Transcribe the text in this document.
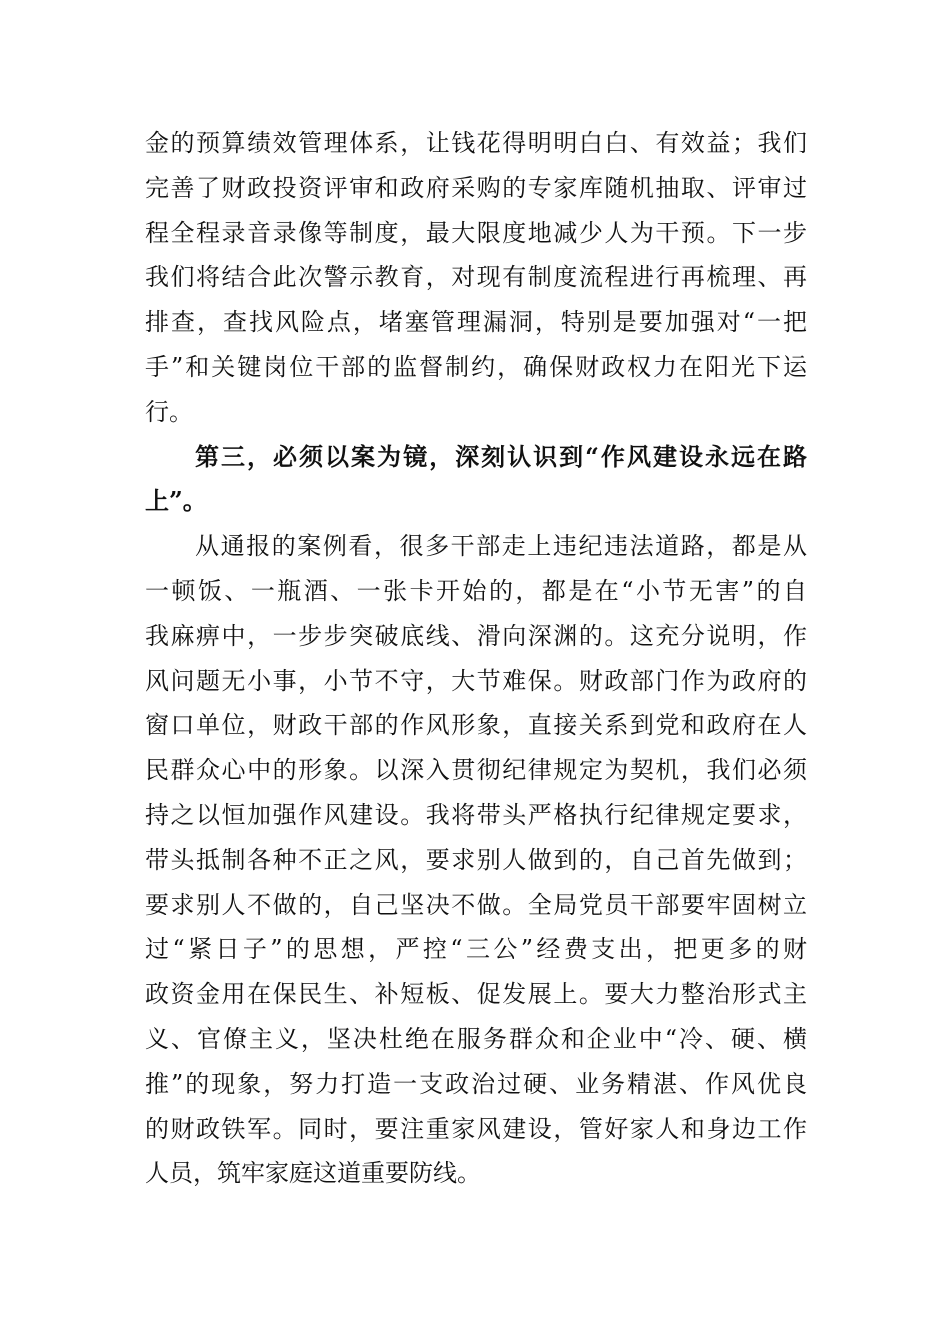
金的预算绩效管理体系，让钱花得明明白白、有效益；我们
完善了财政投资评审和政府采购的专家库随机抽取、评审过
程全程录音录像等制度，最大限度地减少人为干预。下一步
我们将结合此次警示教育，对现有制度流程进行再梳理、再
排查，查找风险点，堵塞管理漏洞，特别是要加强对“一把
手”和关键岗位干部的监督制约，确保财政权力在阳光下运
行。
第三，必须以案为镜，深刻认识到“作风建设永远在路
上”。
从通报的案例看，很多干部走上违纪违法道路，都是从
一顿饭、一瓶酒、一张卡开始的，都是在“小节无害”的自
我麻痹中，一步步突破底线、滑向深渊的。这充分说明，作
风问题无小事，小节不守，大节难保。财政部门作为政府的
窗口单位，财政干部的作风形象，直接关系到党和政府在人
民群众心中的形象。以深入贯彻纪律规定为契机，我们必须
持之以恒加强作风建设。我将带头严格执行纪律规定要求，
带头抵制各种不正之风，要求别人做到的，自己首先做到；
要求别人不做的，自己坚决不做。全局党员干部要牢固树立
过“紧日子”的思想，严控“三公”经费支出，把更多的财
政资金用在保民生、补短板、促发展上。要大力整治形式主
义、官僚主义，坚决杜绝在服务群众和企业中“冷、硬、横
推”的现象，努力打造一支政治过硬、业务精湛、作风优良
的财政铁军。同时，要注重家风建设，管好家人和身边工作
人员，筑牢家庭这道重要防线。
